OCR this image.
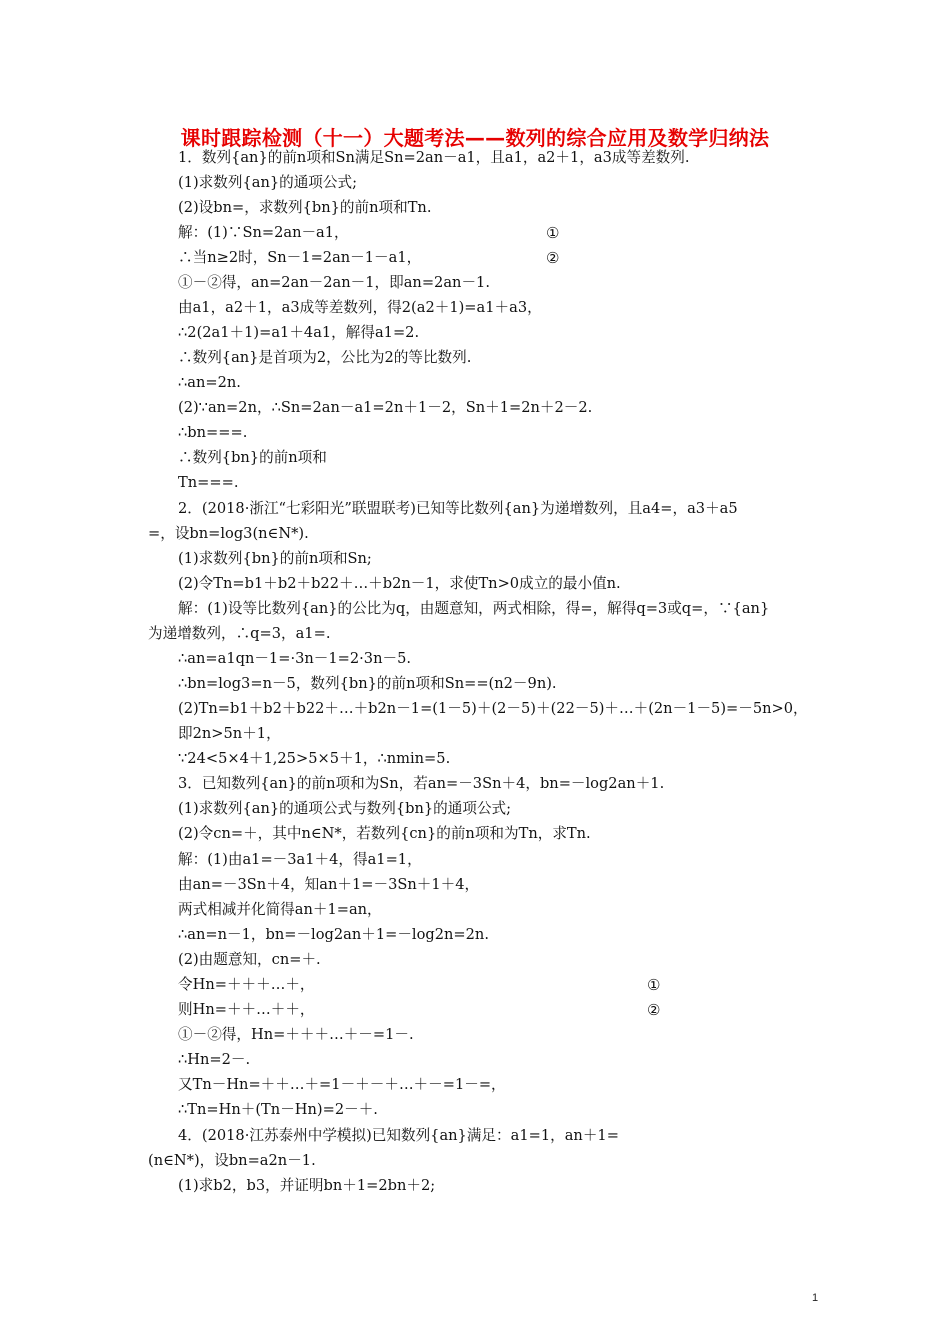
课时跟踪检测（十一）大题考法——数列的综合应用及数学归纳法
1．数列{an}的前n项和Sn满足Sn=2an－a1，且a1，a2＋1，a3成等差数列.
(1)求数列{an}的通项公式;
(2)设bn=，求数列{bn}的前n项和Tn.
解：(1)∵Sn=2an－a1，
∴当n≥2时，Sn－1=2an－1－a1，
①－②得，an=2an－2an－1，即an=2an－1.
由a1，a2＋1，a3成等差数列，得2(a2＋1)=a1＋a3，
∴2(2a1＋1)=a1＋4a1，解得a1=2.
∴数列{an}是首项为2，公比为2的等比数列.
∴an=2n.
(2)∵an=2n，∴Sn=2an－a1=2n＋1－2，Sn＋1=2n＋2－2.
∴bn===.
∴数列{bn}的前n项和
Tn===.
2．(2018·浙江“七彩阳光”联盟联考)已知等比数列{an}为递增数列，且a4=，a3＋a5
=，设bn=log3(n∈N*).
(1)求数列{bn}的前n项和Sn;
(2)令Tn=b1＋b2＋b22＋…＋b2n－1，求使Tn>0成立的最小值n.
解：(1)设等比数列{an}的公比为q，由题意知，两式相除，得=，解得q=3或q=，∵{an}
为递增数列，∴q=3，a1=.
∴an=a1qn－1=·3n－1=2·3n－5.
∴bn=log3=n－5，数列{bn}的前n项和Sn==(n2－9n).
(2)Tn=b1＋b2＋b22＋…＋b2n－1=(1－5)＋(2－5)＋(22－5)＋…＋(2n－1－5)=－5n>0，
即2n>5n＋1，
∵24<5×4＋1,25>5×5＋1，∴nmin=5.
3．已知数列{an}的前n项和为Sn，若an=－3Sn＋4，bn=－log2an＋1.
(1)求数列{an}的通项公式与数列{bn}的通项公式;
(2)令cn=＋，其中n∈N*，若数列{cn}的前n项和为Tn，求Tn.
解：(1)由a1=－3a1＋4，得a1=1，
由an=－3Sn＋4，知an＋1=－3Sn＋1＋4，
两式相减并化简得an＋1=an，
∴an=n－1，bn=－log2an＋1=－log2n=2n.
(2)由题意知，cn=＋.
令Hn=＋＋＋…＋，
则Hn=＋＋…＋＋，
①－②得，Hn=＋＋＋…＋－=1－.
∴Hn=2－.
又Tn－Hn=＋＋…＋=1－＋－＋…＋－=1－=，
∴Tn=Hn＋(Tn－Hn)=2－＋.
4．(2018·江苏泰州中学模拟)已知数列{an}满足：a1=1，an＋1=
(n∈N*)，设bn=a2n－1.
(1)求b2，b3，并证明bn＋1=2bn＋2;
①
②
①
②
1
